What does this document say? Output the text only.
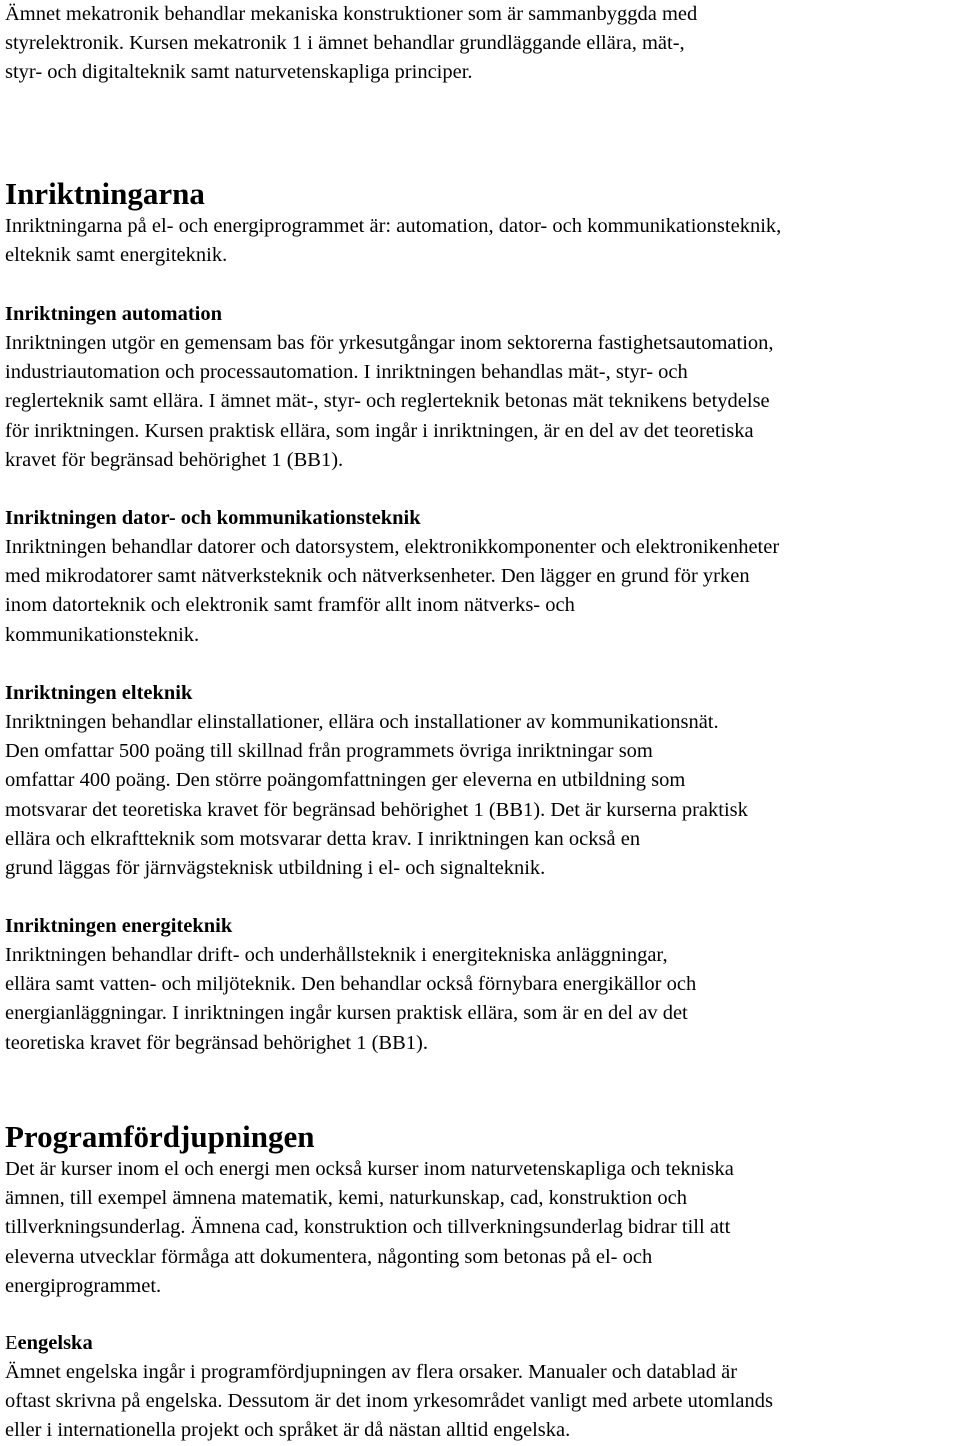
Ämnet mekatronik behandlar mekaniska konstruktioner som är sammanbyggda med
styrelektronik. Kursen mekatronik 1 i ämnet behandlar grundläggande ellära, mät-,
styr- och digitalteknik samt naturvetenskapliga principer.

Inriktningarna

Inriktningarna på el- och energiprogrammet är: automation, dator- och kommunikationsteknik,
elteknik samt energiteknik.

Inriktningen automation

Inriktningen utgör en gemensam bas för yrkesutgångar inom sektorerna fastighetsautomation,
industriautomation och processautomation. I inriktningen behandlas mät-, styr- och
reglerteknik samt ellära. I ämnet mät-, styr- och reglerteknik betonas mät teknikens betydelse
för inriktningen. Kursen praktisk ellära, som ingår i inriktningen, är en del av det teoretiska
kravet för begränsad behörighet 1 (BB1).

Inriktningen dator- och kommunikationsteknik

Inriktningen behandlar datorer och datorsystem, elektronikkomponenter och elektronikenheter
med mikrodatorer samt nätverksteknik och nätverksenheter. Den lägger en grund för yrken
inom datorteknik och elektronik samt framför allt inom nätverks- och
kommunikationsteknik.

Inriktningen elteknik

Inriktningen behandlar elinstallationer, ellära och installationer av kommunikationsnät.
Den omfattar 500 poäng till skillnad från programmets övriga inriktningar som
omfattar 400 poäng. Den större poängomfattningen ger eleverna en utbildning som
motsvarar det teoretiska kravet för begränsad behörighet 1 (BB1). Det är kurserna praktisk
ellära och elkraftteknik som motsvarar detta krav. I inriktningen kan också en
grund läggas för järnvägsteknisk utbildning i el- och signalteknik.

Inriktningen energiteknik

Inriktningen behandlar drift- och underhållsteknik i energitekniska anläggningar,
ellära samt vatten- och miljöteknik. Den behandlar också förnybara energikällor och
energianläggningar. I inriktningen ingår kursen praktisk ellära, som är en del av det
teoretiska kravet för begränsad behörighet 1 (BB1).

Programfördjupningen

Det är kurser inom el och energi men också kurser inom naturvetenskapliga och tekniska
ämnen, till exempel ämnena matematik, kemi, naturkunskap, cad, konstruktion och
tillverkningsunderlag. Ämnena cad, konstruktion och tillverkningsunderlag bidrar till att
eleverna utvecklar förmåga att dokumentera, någonting som betonas på el- och
energiprogrammet.

Eengelska

Ämnet engelska ingår i programfördjupningen av flera orsaker. Manualer och datablad är
oftast skrivna på engelska. Dessutom är det inom yrkesområdet vanligt med arbete utomlands
eller i internationella projekt och språket är då nästan alltid engelska.
